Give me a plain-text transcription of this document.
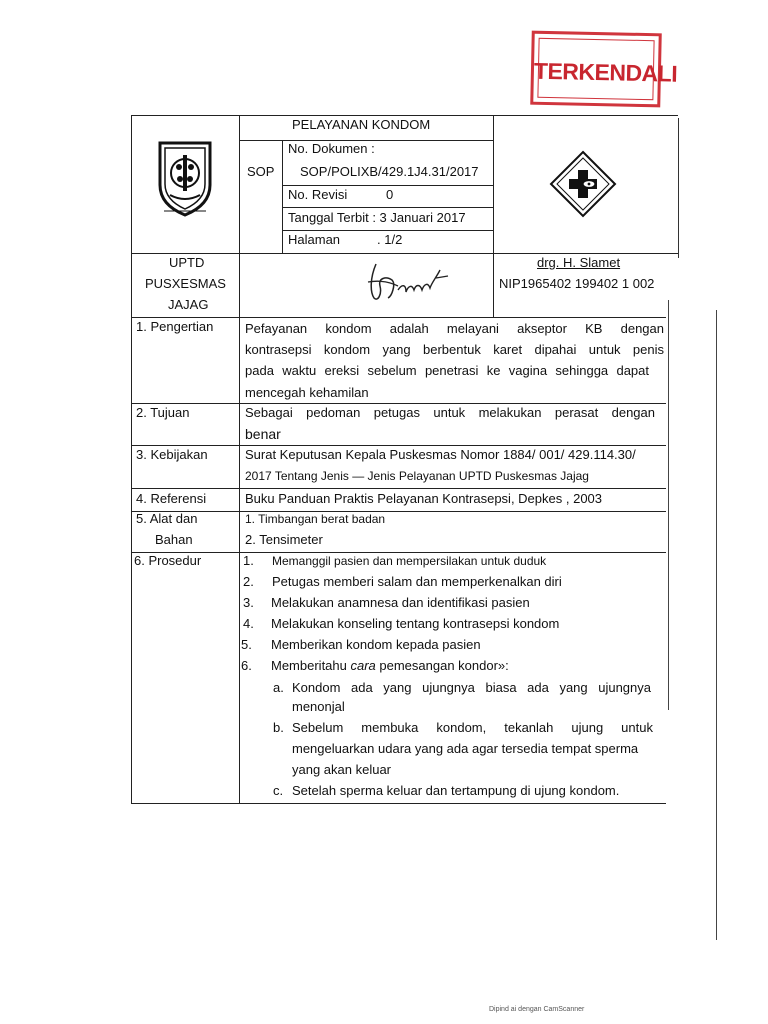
TERKENDALI
PELAYANAN KONDOM
SOP
No. Dokumen :
SOP/POLIXB/429.1J4.31/2017
No. Revisi	0
Tanggal Terbit : 3 Januari 2017
Halaman	. 1/2
UPTD
PUSXESMAS
JAJAG
drg. H. Slamet
NIP1965402 199402 1 002
1. Pengertian Pefayanan kondom adalah melayani akseptor KB dengan
kontrasepsi kondom yang berbentuk karet dipahai untuk penis
pada waktu ereksi sebelum penetrasi ke vagina sehingga dapat
mencegah kehamilan
2. Tujuan	Sebagai pedoman petugas untuk melakukan perasat dengan
benar
3. Kebijakan	Surat Keputusan Kepala Puskesmas Nomor 1884/ 001/ 429.114.30/
2017 Tentang Jenis — Jenis Pelayanan UPTD Puskesmas Jajag
4. Referensi	Buku Panduan Praktis Pelayanan Kontrasepsi, Depkes , 2003
5. Alat dan
Bahan
1. Timbangan berat badan
2. Tensimeter
6. Prosedur	1. Memanggil pasien dan mempersilakan untuk duduk
2. Petugas memberi salam dan memperkenalkan diri
3. Melakukan anamnesa dan identifikasi pasien
4. Melakukan konseling tentang kontrasepsi kondom
5. Memberikan kondom kepada pasien
6. Memberitahu cara pemesangan kondor»:
a. Kondom ada yang ujungnya biasa ada yang ujungnya
menonjal
b. Sebelum membuka kondom, tekanlah ujung untuk
mengeluarkan udara yang ada agar tersedia tempat sperma
yang akan keluar
c. Setelah sperma keluar dan tertampung di ujung kondom.
Dipind ai dengan CamScanner
